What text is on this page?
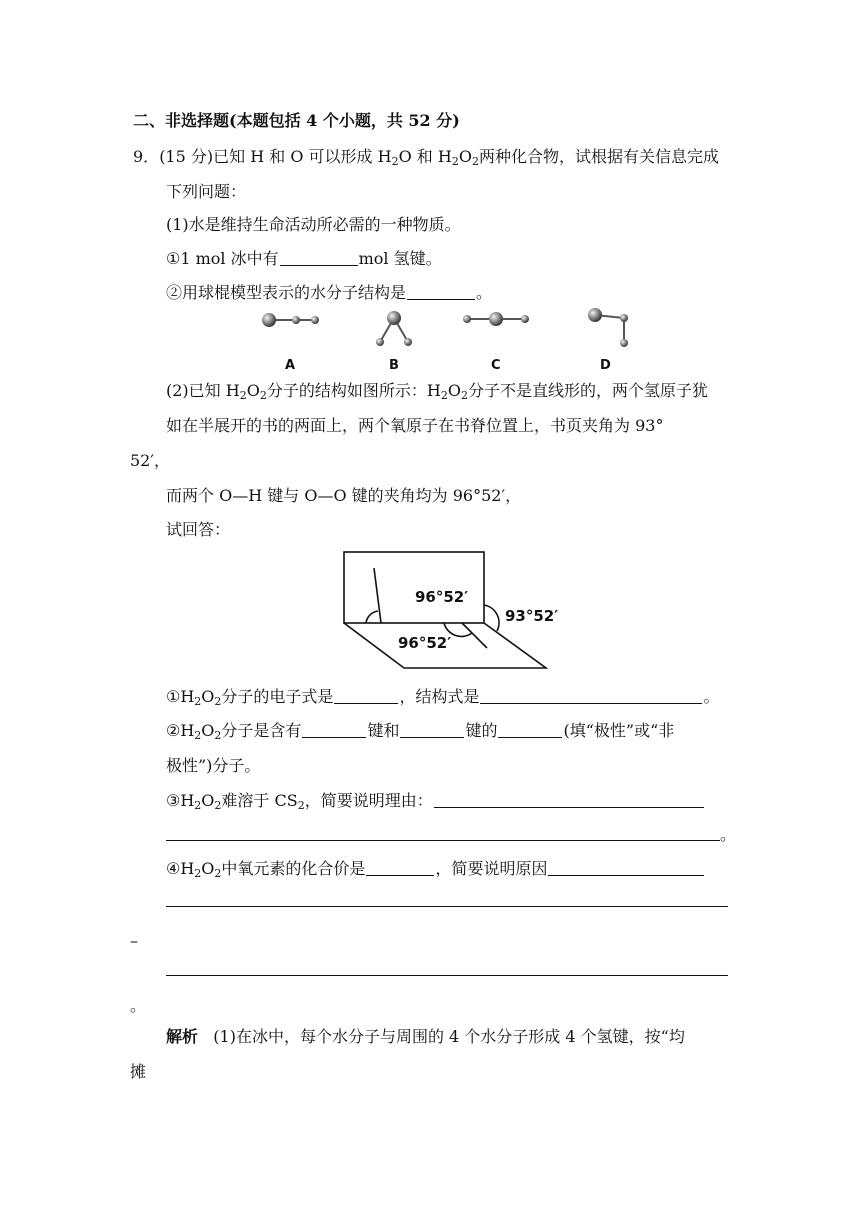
二、非选择题(本题包括 4 个小题，共 52 分)
9．(15 分)已知 H 和 O 可以形成 $H_2O$ 和 $H_2O_2$两种化合物，试根据有关信息完成
下列问题：
(1)水是维持生命活动所必需的一种物质。
①1 mol 冰中有	mol 氢键。
②用球棍模型表示的水分子结构是	。
A	B	C	D
(2)已知 $H_2O_2$分子的结构如图所示：$H_2O_2$分子不是直线形的，两个氢原子犹
如在半展开的书的两面上，两个氧原子在书脊位置上，书页夹角为 93°
52′，
而两个 O—H 键与 O—O 键的夹角均为 96°52′，
试回答：
96°52′
93°52′
96°52′
$①H_2O_2$分子的电子式是	，结构式是	。
$②H_2O_2$分子是含有	键和	键的	(填“极性”或“非
极性”)分子。
$③H_2O_2$难溶于 $CS_2$，简要说明理由：
。
$④H_2O_2$中氧元素的化合价是	，简要说明原因
–
。
解析 (1)在冰中，每个水分子与周围的 4 个水分子形成 4 个氢键，按“均
摊
